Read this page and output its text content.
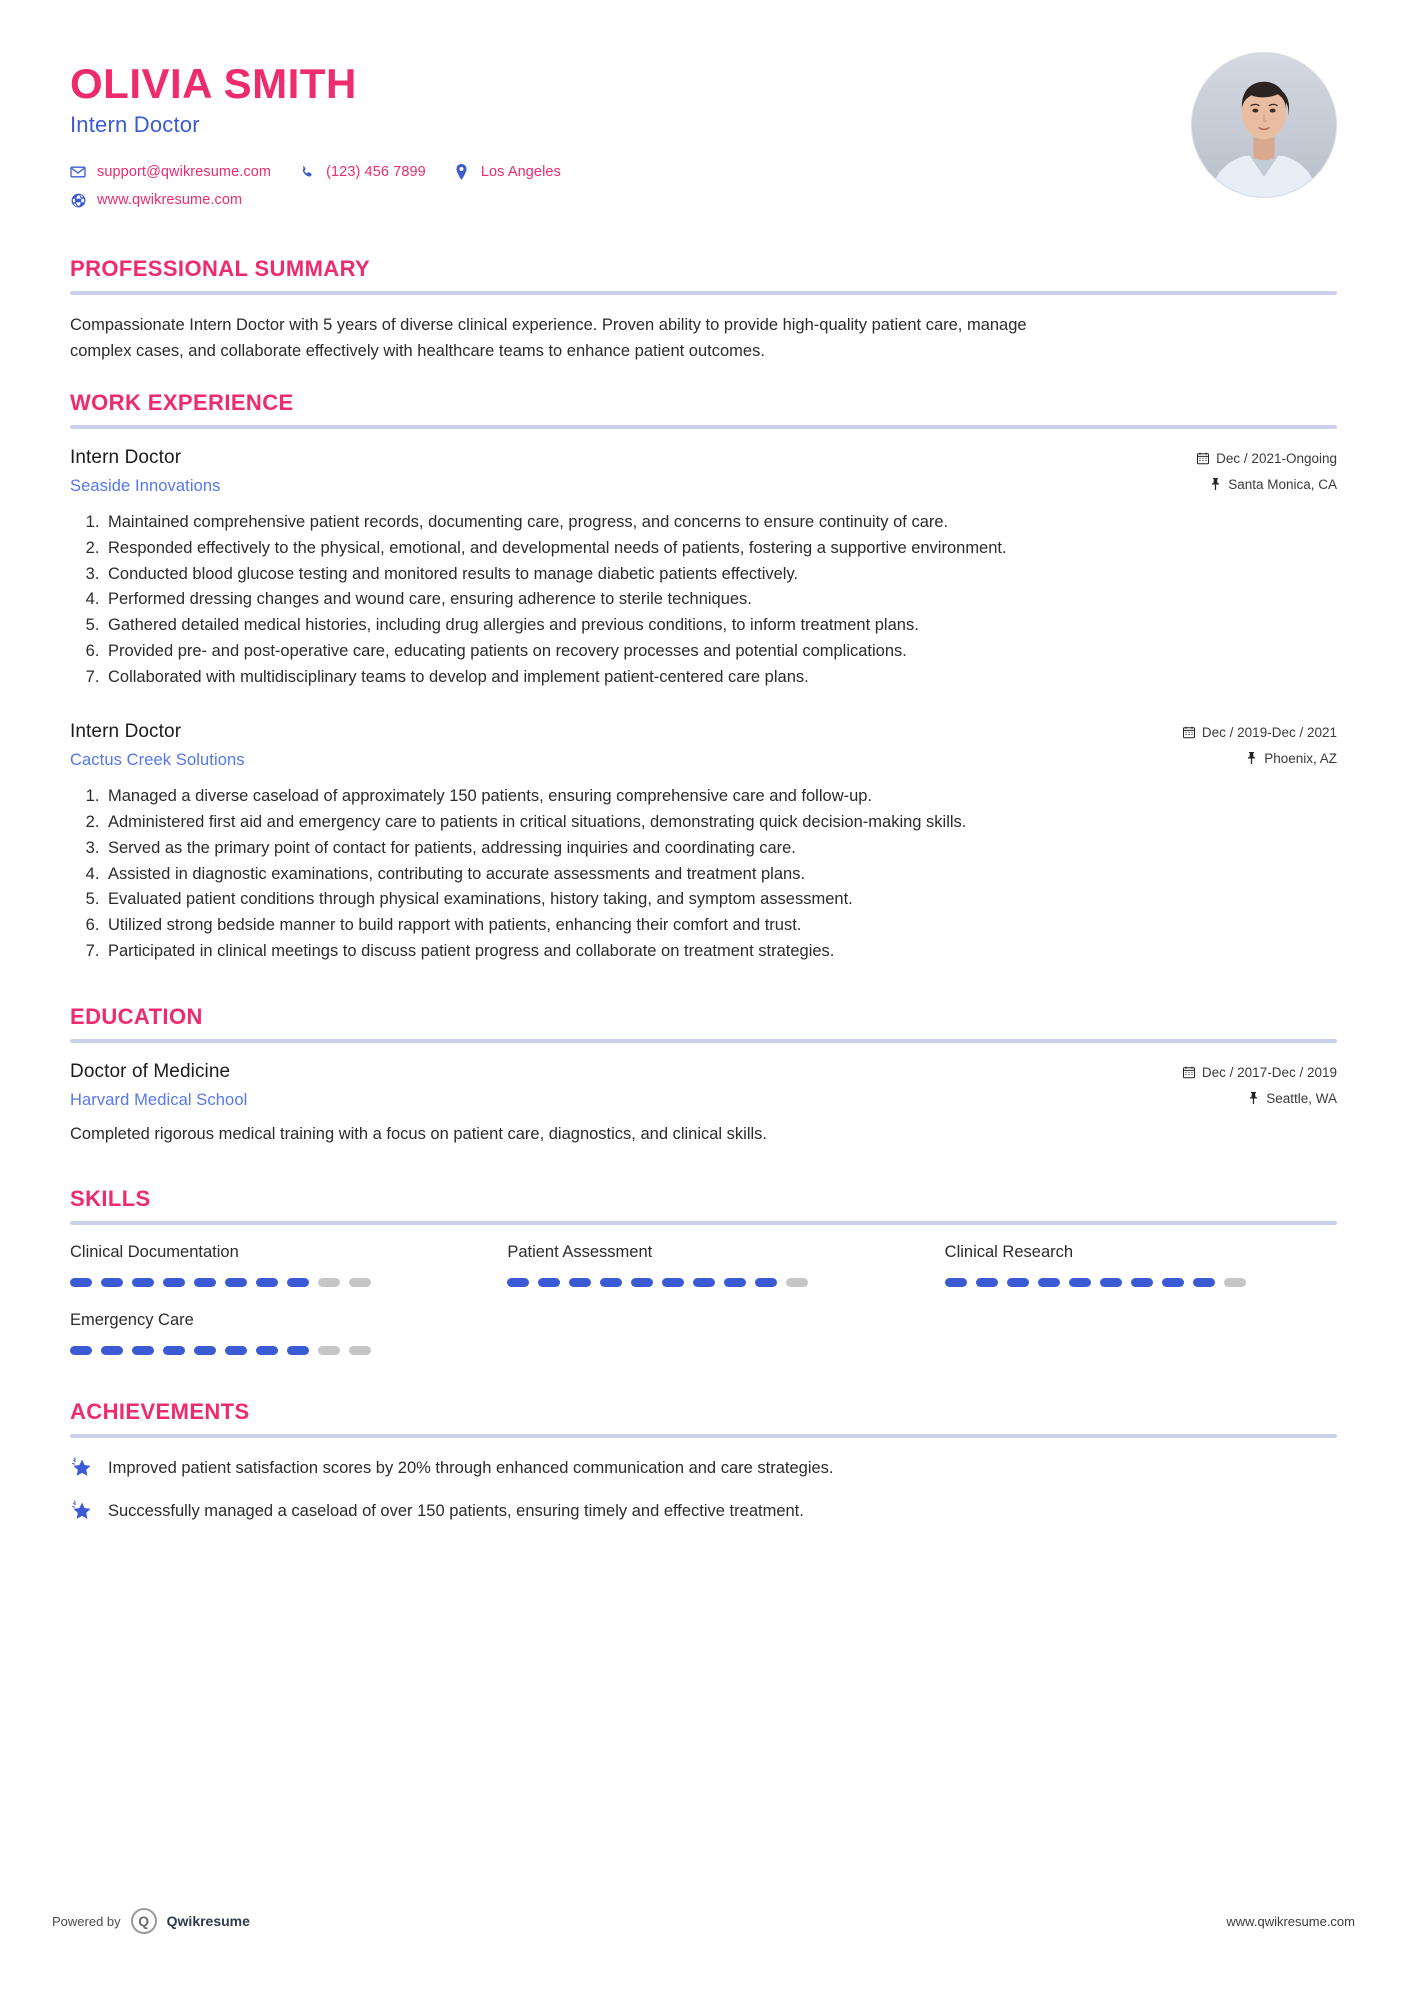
OLIVIA SMITH
Intern Doctor
support@qwikresume.com	(123) 456 7899	Los Angeles
www.qwikresume.com
PROFESSIONAL SUMMARY
Compassionate Intern Doctor with 5 years of diverse clinical experience. Proven ability to provide high-quality patient care, manage complex cases, and collaborate effectively with healthcare teams to enhance patient outcomes.
WORK EXPERIENCE
Intern Doctor
Seaside Innovations
Dec / 2021-Ongoing
Santa Monica, CA
1. Maintained comprehensive patient records, documenting care, progress, and concerns to ensure continuity of care.
2. Responded effectively to the physical, emotional, and developmental needs of patients, fostering a supportive environment.
3. Conducted blood glucose testing and monitored results to manage diabetic patients effectively.
4. Performed dressing changes and wound care, ensuring adherence to sterile techniques.
5. Gathered detailed medical histories, including drug allergies and previous conditions, to inform treatment plans.
6. Provided pre- and post-operative care, educating patients on recovery processes and potential complications.
7. Collaborated with multidisciplinary teams to develop and implement patient-centered care plans.
Intern Doctor
Cactus Creek Solutions
Dec / 2019-Dec / 2021
Phoenix, AZ
1. Managed a diverse caseload of approximately 150 patients, ensuring comprehensive care and follow-up.
2. Administered first aid and emergency care to patients in critical situations, demonstrating quick decision-making skills.
3. Served as the primary point of contact for patients, addressing inquiries and coordinating care.
4. Assisted in diagnostic examinations, contributing to accurate assessments and treatment plans.
5. Evaluated patient conditions through physical examinations, history taking, and symptom assessment.
6. Utilized strong bedside manner to build rapport with patients, enhancing their comfort and trust.
7. Participated in clinical meetings to discuss patient progress and collaborate on treatment strategies.
EDUCATION
Doctor of Medicine
Harvard Medical School
Dec / 2017-Dec / 2019
Seattle, WA
Completed rigorous medical training with a focus on patient care, diagnostics, and clinical skills.
SKILLS
Clinical Documentation	Patient Assessment	Clinical Research
Emergency Care
ACHIEVEMENTS
Improved patient satisfaction scores by 20% through enhanced communication and care strategies.
Successfully managed a caseload of over 150 patients, ensuring timely and effective treatment.
Powered by	Q	Qwikresume	www.qwikresume.com
